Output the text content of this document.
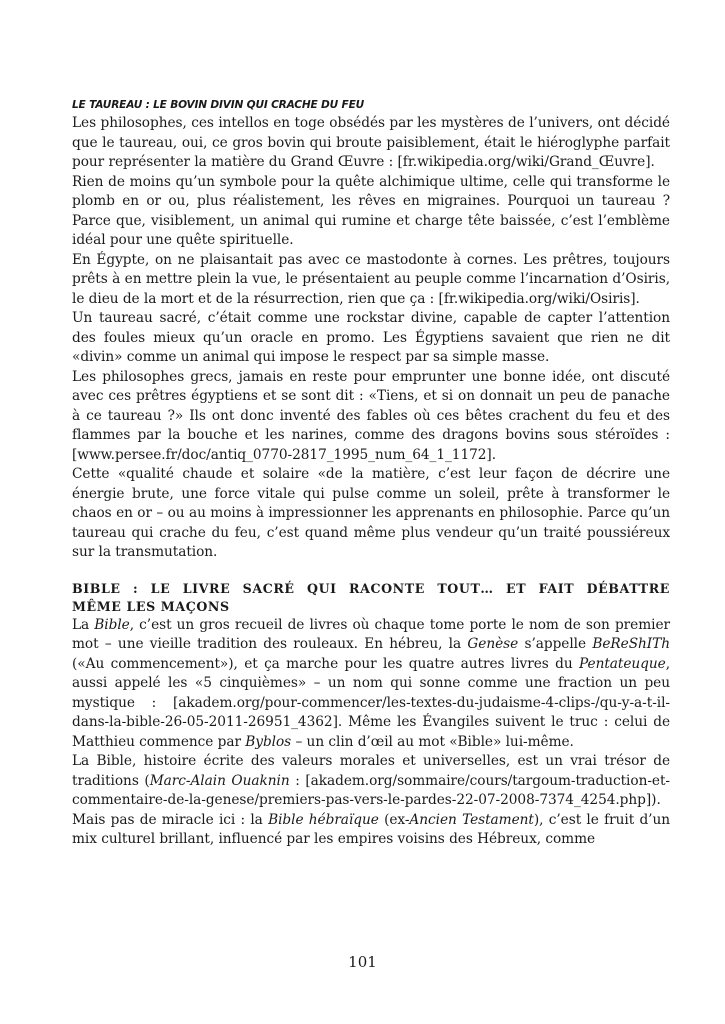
LE TAUREAU : LE BOVIN DIVIN QUI CRACHE DU FEU

Les philosophes, ces intellos en toge obsédés par les mystères de l’univers, ont décidé que le taureau, oui, ce gros bovin qui broute paisiblement, était le hiéroglyphe parfait pour représenter la matière du Grand Œuvre : [fr.wikipedia.org/wiki/Grand_Œuvre].

Rien de moins qu’un symbole pour la quête alchimique ultime, celle qui transforme le plomb en or ou, plus réalistement, les rêves en migraines. Pourquoi un taureau ? Parce que, visiblement, un animal qui rumine et charge tête baissée, c’est l’emblème idéal pour une quête spirituelle.

En Égypte, on ne plaisantait pas avec ce mastodonte à cornes. Les prêtres, toujours prêts à en mettre plein la vue, le présentaient au peuple comme l’incarnation d’Osiris, le dieu de la mort et de la résurrection, rien que ça : [fr.wikipedia.org/wiki/Osiris].

Un taureau sacré, c’était comme une rockstar divine, capable de capter l’attention des foules mieux qu’un oracle en promo. Les Égyptiens savaient que rien ne dit «divin» comme un animal qui impose le respect par sa simple masse.

Les philosophes grecs, jamais en reste pour emprunter une bonne idée, ont discuté avec ces prêtres égyptiens et se sont dit : «Tiens, et si on donnait un peu de panache à ce taureau ?» Ils ont donc inventé des fables où ces bêtes crachent du feu et des flammes par la bouche et les narines, comme des dragons bovins sous stéroïdes : [www.persee.fr/doc/antiq_0770-2817_1995_num_64_1_1172].

Cette «qualité chaude et solaire «de la matière, c’est leur façon de décrire une énergie brute, une force vitale qui pulse comme un soleil, prête à transformer le chaos en or – ou au moins à impressionner les apprenants en philosophie. Parce qu’un taureau qui crache du feu, c’est quand même plus vendeur qu’un traité poussiéreux sur la transmutation.

BIBLE : LE LIVRE SACRÉ QUI RACONTE TOUT… ET FAIT DÉBATTRE
MÊME LES MAÇONS

La Bible, c’est un gros recueil de livres où chaque tome porte le nom de son premier mot – une vieille tradition des rouleaux. En hébreu, la Genèse s’appelle BeReShITh («Au commencement»), et ça marche pour les quatre autres livres du Pentateuque, aussi appelé les «5 cinquièmes» – un nom qui sonne comme une fraction un peu mystique : [akadem.org/pour-commencer/les-textes-du-judaisme-4-clips-/qu-y-a-t-il-dans-la-bible-26-05-2011-26951_4362]. Même les Évangiles suivent le truc : celui de Matthieu commence par Byblos – un clin d’œil au mot «Bible» lui-même.

La Bible, histoire écrite des valeurs morales et universelles, est un vrai trésor de traditions (Marc-Alain Ouaknin : [akadem.org/sommaire/cours/targoum-traduction-et-commentaire-de-la-genese/premiers-pas-vers-le-pardes-22-07-2008-7374_4254.php]).

Mais pas de miracle ici : la Bible hébraïque (ex-Ancien Testament), c’est le fruit d’un mix culturel brillant, influencé par les empires voisins des Hébreux, comme

101
